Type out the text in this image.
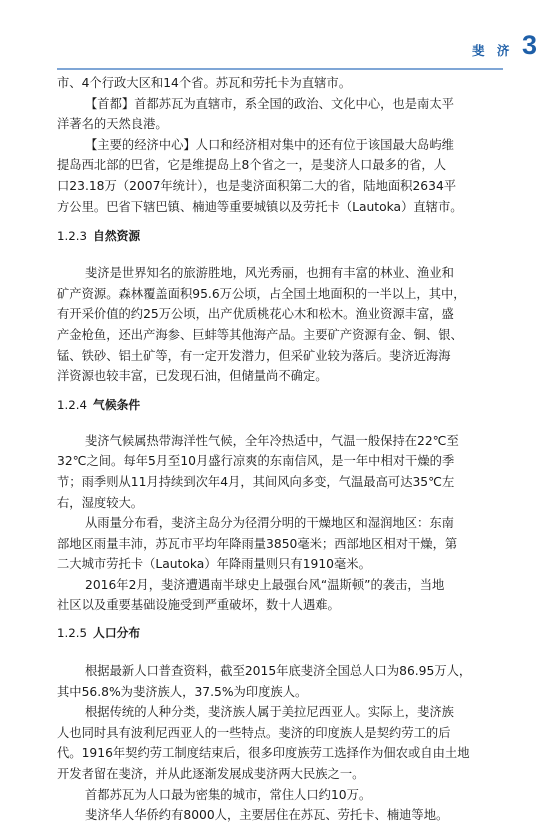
斐 济 3

市、4个行政大区和14个省。苏瓦和劳托卡为直辖市。

【首都】首都苏瓦为直辖市，系全国的政治、文化中心，也是南太平

洋著名的天然良港。

【主要的经济中心】人口和经济相对集中的还有位于该国最大岛屿维

提岛西北部的巴省，它是维提岛上8个省之一，是斐济人口最多的省，人

口23.18万（2007年统计），也是斐济面积第二大的省，陆地面积2634平

方公里。巴省下辖巴镇、楠迪等重要城镇以及劳托卡（Lautoka）直辖市。

1.2.3 自然资源

斐济是世界知名的旅游胜地，风光秀丽，也拥有丰富的林业、渔业和

矿产资源。森林覆盖面积95.6万公顷，占全国土地面积的一半以上，其中，

有开采价值的约25万公顷，出产优质桃花心木和松木。渔业资源丰富，盛

产金枪鱼，还出产海参、巨蚌等其他海产品。主要矿产资源有金、铜、银、

锰、铁砂、铝土矿等，有一定开发潜力，但采矿业较为落后。斐济近海海

洋资源也较丰富，已发现石油，但储量尚不确定。

1.2.4 气候条件

斐济气候属热带海洋性气候，全年冷热适中，气温一般保持在22℃至

32℃之间。每年5月至10月盛行凉爽的东南信风，是一年中相对干燥的季

节；雨季则从11月持续到次年4月，其间风向多变，气温最高可达35℃左

右，湿度较大。

从雨量分布看，斐济主岛分为径渭分明的干燥地区和湿润地区：东南

部地区雨量丰沛，苏瓦市平均年降雨量3850毫米；西部地区相对干燥，第

二大城市劳托卡（Lautoka）年降雨量则只有1910毫米。

2016年2月，斐济遭遇南半球史上最强台风“温斯顿”的袭击，当地

社区以及重要基础设施受到严重破坏，数十人遇难。

1.2.5 人口分布

根据最新人口普查资料，截至2015年底斐济全国总人口为86.95万人，

其中56.8%为斐济族人，37.5%为印度族人。

根据传统的人种分类，斐济族人属于美拉尼西亚人。实际上，斐济族

人也同时具有波利尼西亚人的一些特点。斐济的印度族人是契约劳工的后

代。1916年契约劳工制度结束后，很多印度族劳工选择作为佃农或自由土地

开发者留在斐济，并从此逐渐发展成斐济两大民族之一。

首都苏瓦为人口最为密集的城市，常住人口约10万。

斐济华人华侨约有8000人，主要居住在苏瓦、劳托卡、楠迪等地。
